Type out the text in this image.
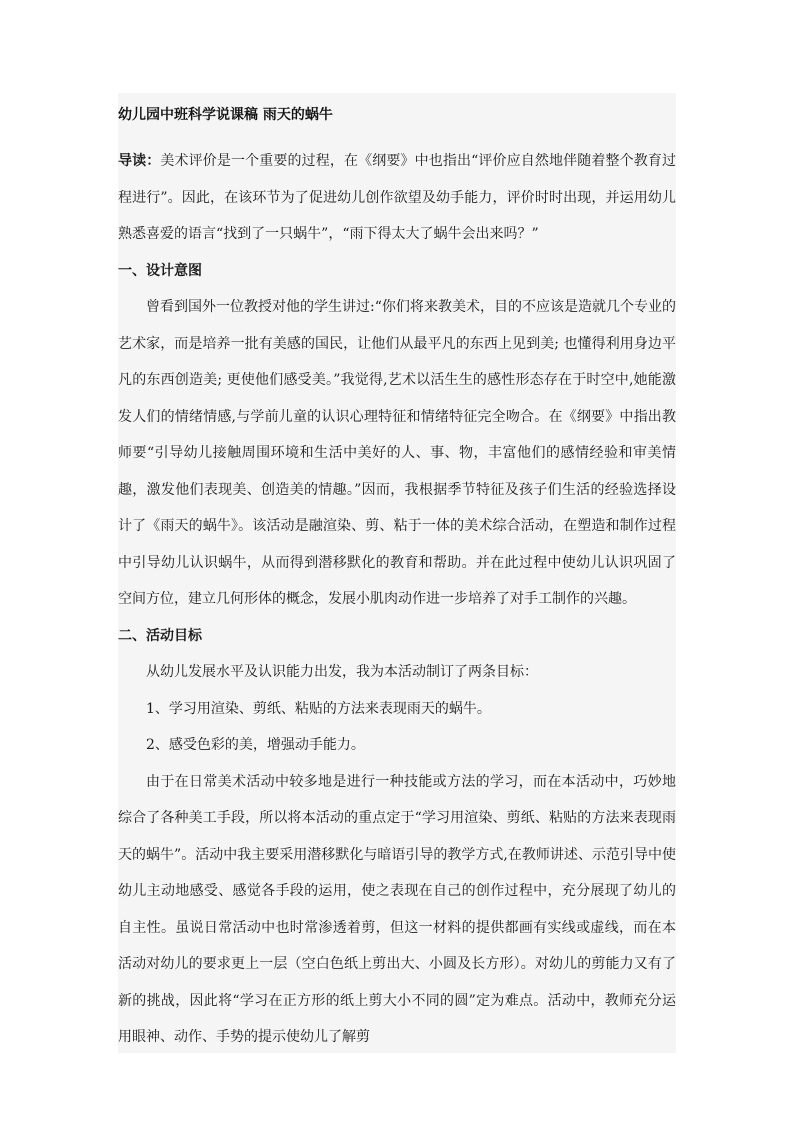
幼儿园中班科学说课稿 雨天的蜗牛

导读：美术评价是一个重要的过程，在《纲要》中也指出“评价应自然地伴随着整个教育过程进行”。因此，在该环节为了促进幼儿创作欲望及幼手能力，评价时时出现，并运用幼儿熟悉喜爱的语言“找到了一只蜗牛”，“雨下得太大了蜗牛会出来吗？”

一、设计意图

曾看到国外一位教授对他的学生讲过:“你们将来教美术，目的不应该是造就几个专业的艺术家，而是培养一批有美感的国民，让他们从最平凡的东西上见到美; 也懂得利用身边平凡的东西创造美; 更使他们感受美。”我觉得,艺术以活生生的感性形态存在于时空中,她能激发人们的情绪情感,与学前儿童的认识心理特征和情绪特征完全吻合。在《纲要》中指出教师要“引导幼儿接触周围环境和生活中美好的人、事、物，丰富他们的感情经验和审美情趣，激发他们表现美、创造美的情趣。”因而，我根据季节特征及孩子们生活的经验选择设计了《雨天的蜗牛》。该活动是融渲染、剪、粘于一体的美术综合活动，在塑造和制作过程中引导幼儿认识蜗牛，从而得到潜移默化的教育和帮助。并在此过程中使幼儿认识巩固了空间方位，建立几何形体的概念，发展小肌肉动作进一步培养了对手工制作的兴趣。

二、活动目标

从幼儿发展水平及认识能力出发，我为本活动制订了两条目标：

1、学习用渲染、剪纸、粘贴的方法来表现雨天的蜗牛。

2、感受色彩的美，增强动手能力。

由于在日常美术活动中较多地是进行一种技能或方法的学习，而在本活动中，巧妙地综合了各种美工手段，所以将本活动的重点定于“学习用渲染、剪纸、粘贴的方法来表现雨天的蜗牛”。活动中我主要采用潜移默化与暗语引导的教学方式,在教师讲述、示范引导中使幼儿主动地感受、感觉各手段的运用，使之表现在自己的创作过程中，充分展现了幼儿的自主性。虽说日常活动中也时常渗透着剪，但这一材料的提供都画有实线或虚线，而在本活动对幼儿的要求更上一层（空白色纸上剪出大、小圆及长方形）。对幼儿的剪能力又有了新的挑战，因此将“学习在正方形的纸上剪大小不同的圆”定为难点。活动中，教师充分运用眼神、动作、手势的提示使幼儿了解剪
